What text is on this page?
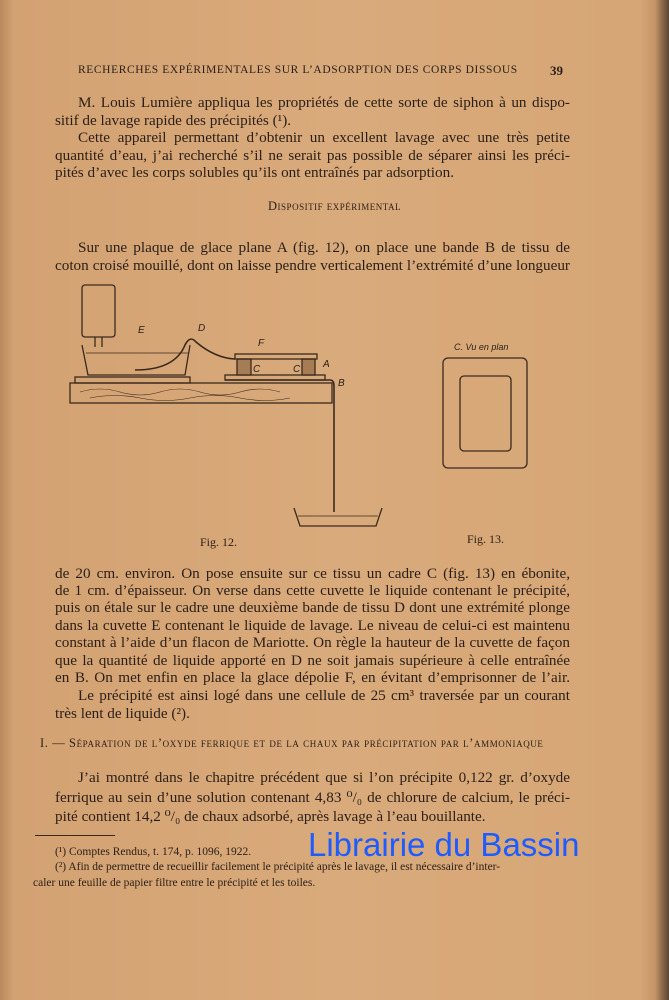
RECHERCHES EXPÉRIMENTALES SUR L’ADSORPTION DES CORPS DISSOUS 39
M. Louis Lumière appliqua les propriétés de cette sorte de siphon à un dispo-
sitif de lavage rapide des précipités (¹).
Cette appareil permettant d’obtenir un excellent lavage avec une très petite
quantité d’eau, j’ai recherché s’il ne serait pas possible de séparer ainsi les préci-
pités d’avec les corps solubles qu’ils ont entraînés par adsorption.
Dispositif expérimental
Sur une plaque de glace plane A (fig. 12), on place une bande B de tissu de
coton croisé mouillé, dont on laisse pendre verticalement l’extrémité d’une longueur
E	D
F
C	C A
B
C. Vu en plan
Fig. 12.	Fig. 13.
de 20 cm. environ. On pose ensuite sur ce tissu un cadre C (fig. 13) en ébonite,
de 1 cm. d’épaisseur. On verse dans cette cuvette le liquide contenant le précipité,
puis on étale sur le cadre une deuxième bande de tissu D dont une extrémité plonge
dans la cuvette E contenant le liquide de lavage. Le niveau de celui-ci est maintenu
constant à l’aide d’un flacon de Mariotte. On règle la hauteur de la cuvette de façon
que la quantité de liquide apporté en D ne soit jamais supérieure à celle entraînée
en B. On met enfin en place la glace dépolie F, en évitant d’emprisonner de l’air.
Le précipité est ainsi logé dans une cellule de 25 cm³ traversée par un courant
très lent de liquide (²).
I. — Séparation de l’oxyde ferrique et de la chaux par précipitation par l’ammoniaque
J’ai montré dans le chapitre précédent que si l’on précipite 0,122 gr. d’oxyde
ferrique au sein d’une solution contenant 4,83 ⁰/₀ de chlorure de calcium, le préci-
pité contient 14,2 ⁰/₀ de chaux adsorbé, après lavage à l’eau bouillante.
(¹) Comptes Rendus, t. 174, p. 1096, 1922.
(²) Afin de permettre de recueillir facilement le précipité après le lavage, il est nécessaire d’inter-
caler une feuille de papier filtre entre le précipité et les toiles.
Librairie du Bassin
